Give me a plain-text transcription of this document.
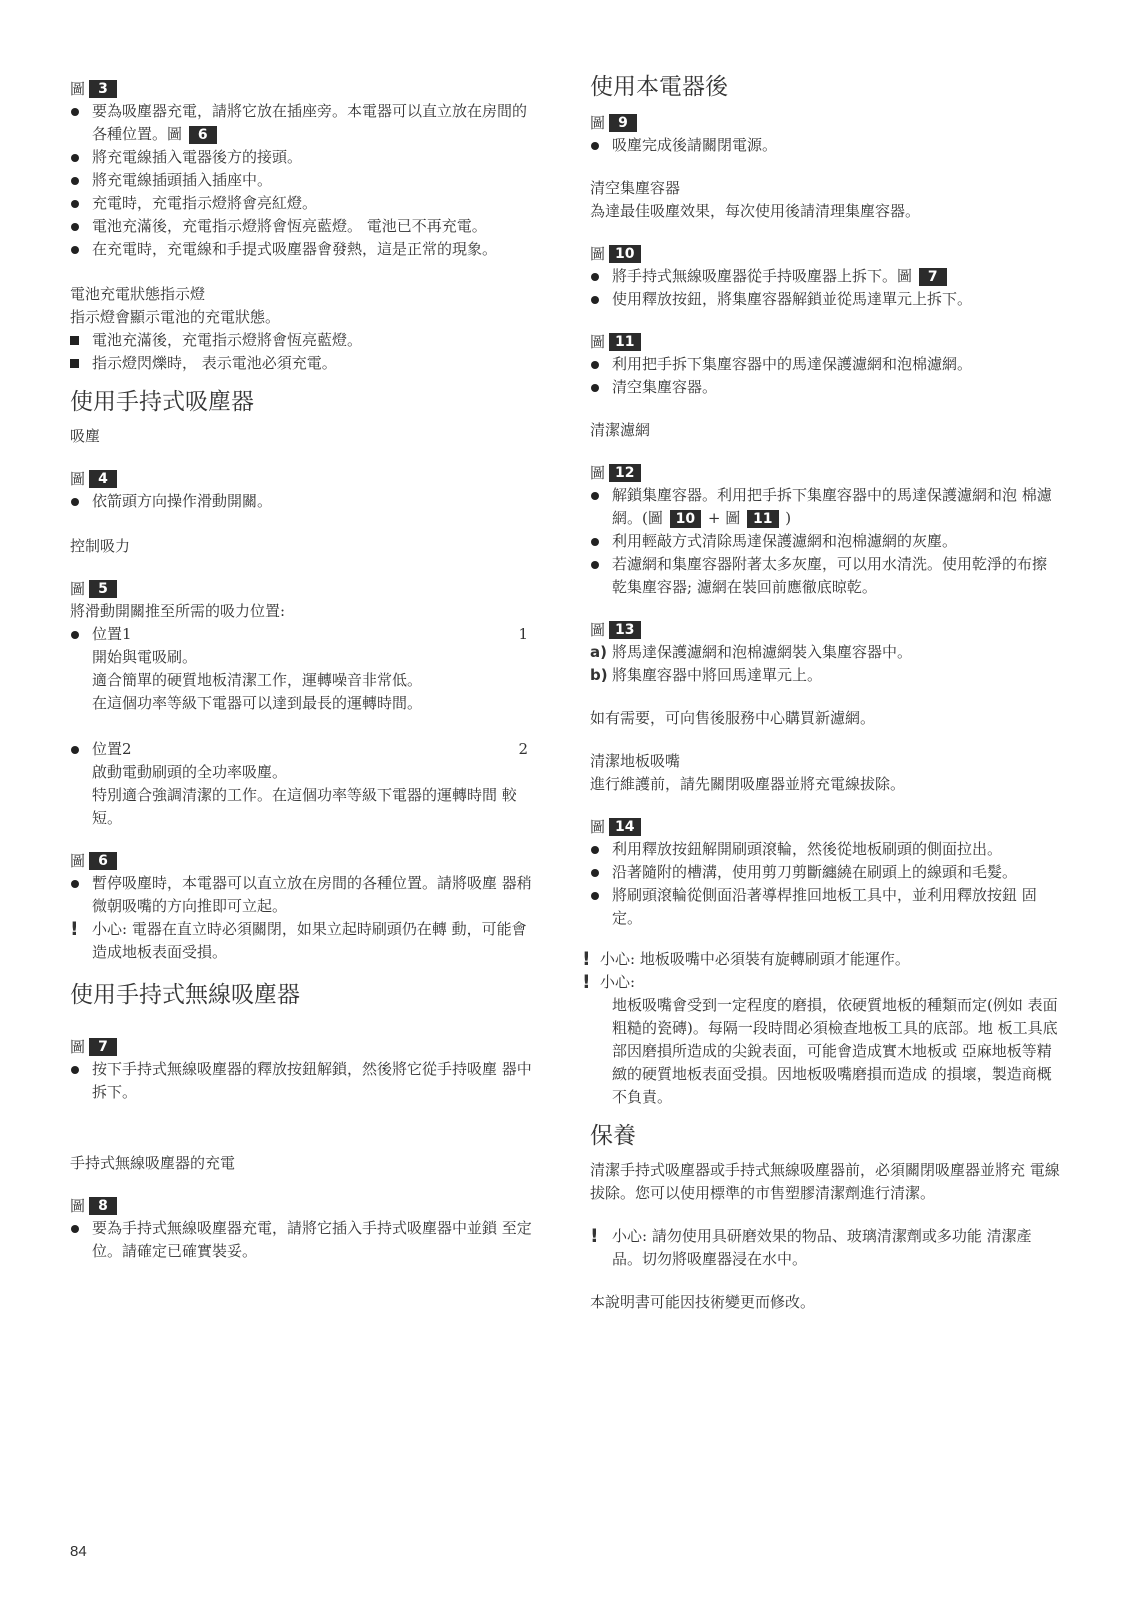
圖 3
要為吸塵器充電，請將它放在插座旁。本電器可以直立放在房間的各種位置。圖 6
將充電線插入電器後方的接頭。
將充電線插頭插入插座中。
充電時，充電指示燈將會亮紅燈。
電池充滿後，充電指示燈將會恆亮藍燈。 電池已不再充電。
在充電時，充電線和手提式吸塵器會發熱，這是正常的現象。
電池充電狀態指示燈
指示燈會顯示電池的充電狀態。
電池充滿後，充電指示燈將會恆亮藍燈。
指示燈閃爍時， 表示電池必須充電。
使用手持式吸塵器
吸塵
圖 4
依箭頭方向操作滑動開關。
控制吸力
圖 5
將滑動開關推至所需的吸力位置:
位置1	1
開始與電吸刷。
適合簡單的硬質地板清潔工作，運轉噪音非常低。
在這個功率等級下電器可以達到最長的運轉時間。
位置2	2
啟動電動刷頭的全功率吸塵。
特別適合強調清潔的工作。在這個功率等級下電器的運轉時間 較短。
圖 6
暫停吸塵時，本電器可以直立放在房間的各種位置。請將吸塵 器稍微朝吸嘴的方向推即可立起。
! 小心: 電器在直立時必須關閉，如果立起時刷頭仍在轉 動，可能會造成地板表面受損。
使用手持式無線吸塵器
圖 7
按下手持式無線吸塵器的釋放按鈕解鎖，然後將它從手持吸塵 器中拆下。
手持式無線吸塵器的充電
圖 8
要為手持式無線吸塵器充電，請將它插入手持式吸塵器中並鎖 至定位。請確定已確實裝妥。
使用本電器後
圖 9
吸塵完成後請關閉電源。
清空集塵容器
為達最佳吸塵效果，每次使用後請清理集塵容器。
圖 10
將手持式無線吸塵器從手持吸塵器上拆下。圖 7
使用釋放按鈕，將集塵容器解鎖並從馬達單元上拆下。
圖 11
利用把手拆下集塵容器中的馬達保護濾網和泡棉濾網。
清空集塵容器。
清潔濾網
圖 12
解鎖集塵容器。利用把手拆下集塵容器中的馬達保護濾網和泡 棉濾網。(圖 10 + 圖 11 )
利用輕敲方式清除馬達保護濾網和泡棉濾網的灰塵。
若濾網和集塵容器附著太多灰塵，可以用水清洗。使用乾淨的布擦乾集塵容器; 濾網在裝回前應徹底晾乾。
圖 13
a) 將馬達保護濾網和泡棉濾網裝入集塵容器中。
b) 將集塵容器中將回馬達單元上。
如有需要，可向售後服務中心購買新濾網。
清潔地板吸嘴
進行維護前，請先關閉吸塵器並將充電線拔除。
圖 14
利用釋放按鈕解開刷頭滾輪，然後從地板刷頭的側面拉出。
沿著隨附的槽溝，使用剪刀剪斷纏繞在刷頭上的線頭和毛髮。
將刷頭滾輪從側面沿著導桿推回地板工具中，並利用釋放按鈕 固定。
! 小心: 地板吸嘴中必須裝有旋轉刷頭才能運作。
! 小心:
地板吸嘴會受到一定程度的磨損，依硬質地板的種類而定(例如 表面粗糙的瓷磚)。每隔一段時間必須檢查地板工具的底部。地 板工具底部因磨損所造成的尖銳表面，可能會造成實木地板或 亞麻地板等精緻的硬質地板表面受損。因地板吸嘴磨損而造成 的損壞，製造商概不負責。
保養
清潔手持式吸塵器或手持式無線吸塵器前，必須關閉吸塵器並將充 電線拔除。您可以使用標準的市售塑膠清潔劑進行清潔。
! 小心: 請勿使用具研磨效果的物品、玻璃清潔劑或多功能 清潔產品。切勿將吸塵器浸在水中。
本說明書可能因技術變更而修改。
84
